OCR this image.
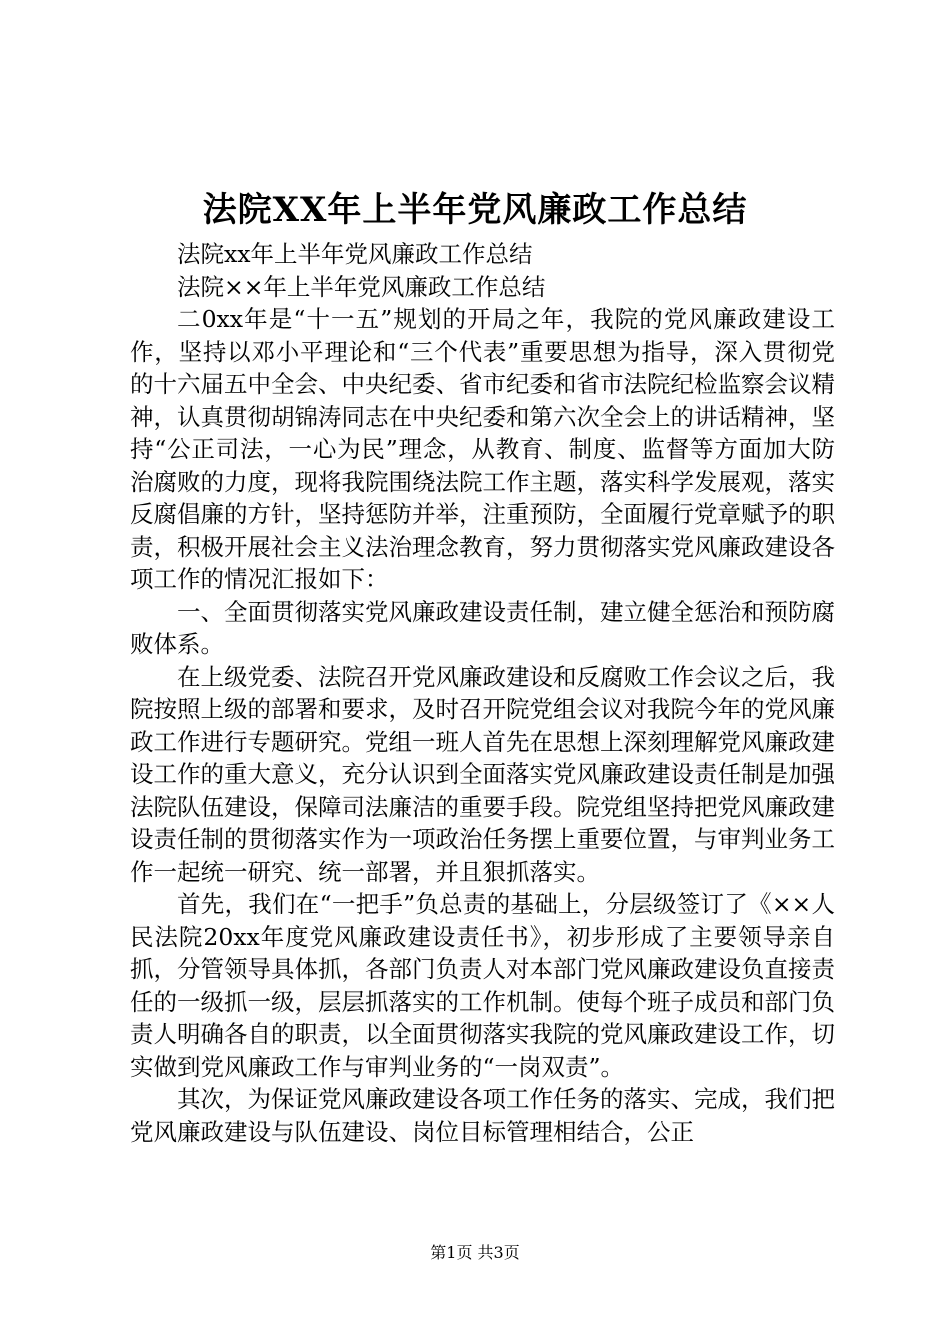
法院XX年上半年党风廉政工作总结

法院xx年上半年党风廉政工作总结

法院××年上半年党风廉政工作总结

二0xx年是“十一五”规划的开局之年，我院的党风廉政建设工作，坚持以邓小平理论和“三个代表”重要思想为指导，深入贯彻党的十六届五中全会、中央纪委、省市纪委和省市法院纪检监察会议精神，认真贯彻胡锦涛同志在中央纪委和第六次全会上的讲话精神，坚持“公正司法，一心为民”理念，从教育、制度、监督等方面加大防治腐败的力度，现将我院围绕法院工作主题，落实科学发展观，落实反腐倡廉的方针，坚持惩防并举，注重预防，全面履行党章赋予的职责，积极开展社会主义法治理念教育，努力贯彻落实党风廉政建设各项工作的情况汇报如下：

一、全面贯彻落实党风廉政建设责任制，建立健全惩治和预防腐败体系。

在上级党委、法院召开党风廉政建设和反腐败工作会议之后，我院按照上级的部署和要求，及时召开院党组会议对我院今年的党风廉政工作进行专题研究。党组一班人首先在思想上深刻理解党风廉政建设工作的重大意义，充分认识到全面落实党风廉政建设责任制是加强法院队伍建设，保障司法廉洁的重要手段。院党组坚持把党风廉政建设责任制的贯彻落实作为一项政治任务摆上重要位置，与审判业务工作一起统一研究、统一部署，并且狠抓落实。

首先，我们在“一把手”负总责的基础上，分层级签订了《××人民法院20xx年度党风廉政建设责任书》，初步形成了主要领导亲自抓，分管领导具体抓，各部门负责人对本部门党风廉政建设负直接责任的一级抓一级，层层抓落实的工作机制。使每个班子成员和部门负责人明确各自的职责，以全面贯彻落实我院的党风廉政建设工作，切实做到党风廉政工作与审判业务的“一岗双责”。

其次，为保证党风廉政建设各项工作任务的落实、完成，我们把党风廉政建设与队伍建设、岗位目标管理相结合，公正

第1页 共3页
